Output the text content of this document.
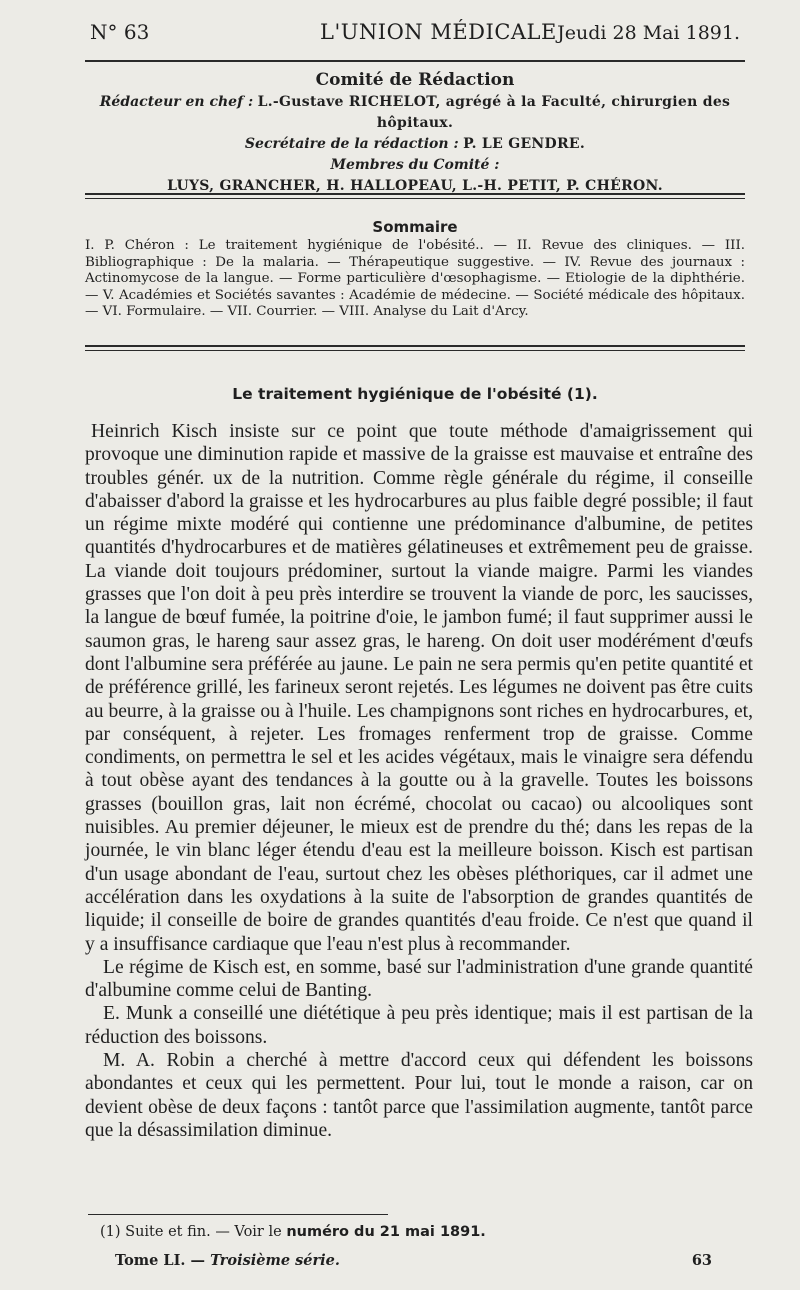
N° 63	L'UNION MÉDICALE Jeudi 28 Mai 1891.
Comité de Rédaction
Rédacteur en chef : L.-Gustave RICHELOT, agrégé à la Faculté, chirurgien des hôpitaux.
Secrétaire de la rédaction : P. LE GENDRE.
Membres du Comité :
LUYS, GRANCHER, H. HALLOPEAU, L.-H. PETIT, P. CHÉRON.
Sommaire
I. P. Chéron : Le traitement hygiénique de l'obésité.. — II. Revue des cliniques. — III. Bibliographique : De la malaria. — Thérapeutique suggestive. — IV. Revue des journaux : Actinomycose de la langue. — Forme particulière d'œsophagisme. — Etiologie de la diphthérie. — V. Académies et Sociétés savantes : Académie de médecine. — Société médicale des hôpitaux. — VI. Formulaire. — VII. Courrier. — VIII. Analyse du Lait d'Arcy.
Le traitement hygiénique de l'obésité (1).

Heinrich Kisch insiste sur ce point que toute méthode d'amaigrissement qui provoque une diminution rapide et massive de la graisse est mauvaise et entraîne des troubles génér. ux de la nutrition. Comme règle générale du régime, il conseille d'abaisser d'abord la graisse et les hydrocarbures au plus faible degré possible; il faut un régime mixte modéré qui contienne une prédominance d'albumine, de petites quantités d'hydrocarbures et de matières gélatineuses et extrêmement peu de graisse. La viande doit toujours prédominer, surtout la viande maigre. Parmi les viandes grasses que l'on doit à peu près interdire se trouvent la viande de porc, les saucisses, la langue de bœuf fumée, la poitrine d'oie, le jambon fumé; il faut supprimer aussi le saumon gras, le hareng saur assez gras, le hareng. On doit user modérément d'œufs dont l'albumine sera préférée au jaune. Le pain ne sera permis qu'en petite quantité et de préférence grillé, les farineux seront rejetés. Les légumes ne doivent pas être cuits au beurre, à la graisse ou à l'huile. Les champignons sont riches en hydrocarbures, et, par conséquent, à rejeter. Les fromages renferment trop de graisse. Comme condiments, on permettra le sel et les acides végétaux, mais le vinaigre sera défendu à tout obèse ayant des tendances à la goutte ou à la gravelle. Toutes les boissons grasses (bouillon gras, lait non écrémé, chocolat ou cacao) ou alcooliques sont nuisibles. Au premier déjeuner, le mieux est de prendre du thé; dans les repas de la journée, le vin blanc léger étendu d'eau est la meilleure boisson. Kisch est partisan d'un usage abondant de l'eau, surtout chez les obèses pléthoriques, car il admet une accélération dans les oxydations à la suite de l'absorption de grandes quantités de liquide; il conseille de boire de grandes quantités d'eau froide. Ce n'est que quand il y a insuffisance cardiaque que l'eau n'est plus à recommander.

Le régime de Kisch est, en somme, basé sur l'administration d'une grande quantité d'albumine comme celui de Banting.

E. Munk a conseillé une diététique à peu près identique; mais il est partisan de la réduction des boissons.

M. A. Robin a cherché à mettre d'accord ceux qui défendent les boissons abondantes et ceux qui les permettent. Pour lui, tout le monde a raison, car on devient obèse de deux façons : tantôt parce que l'assimilation augmente, tantôt parce que la désassimilation diminue.

(1) Suite et fin. — Voir le numéro du 21 mai 1891.
Tome LI. — Troisième série.	63
